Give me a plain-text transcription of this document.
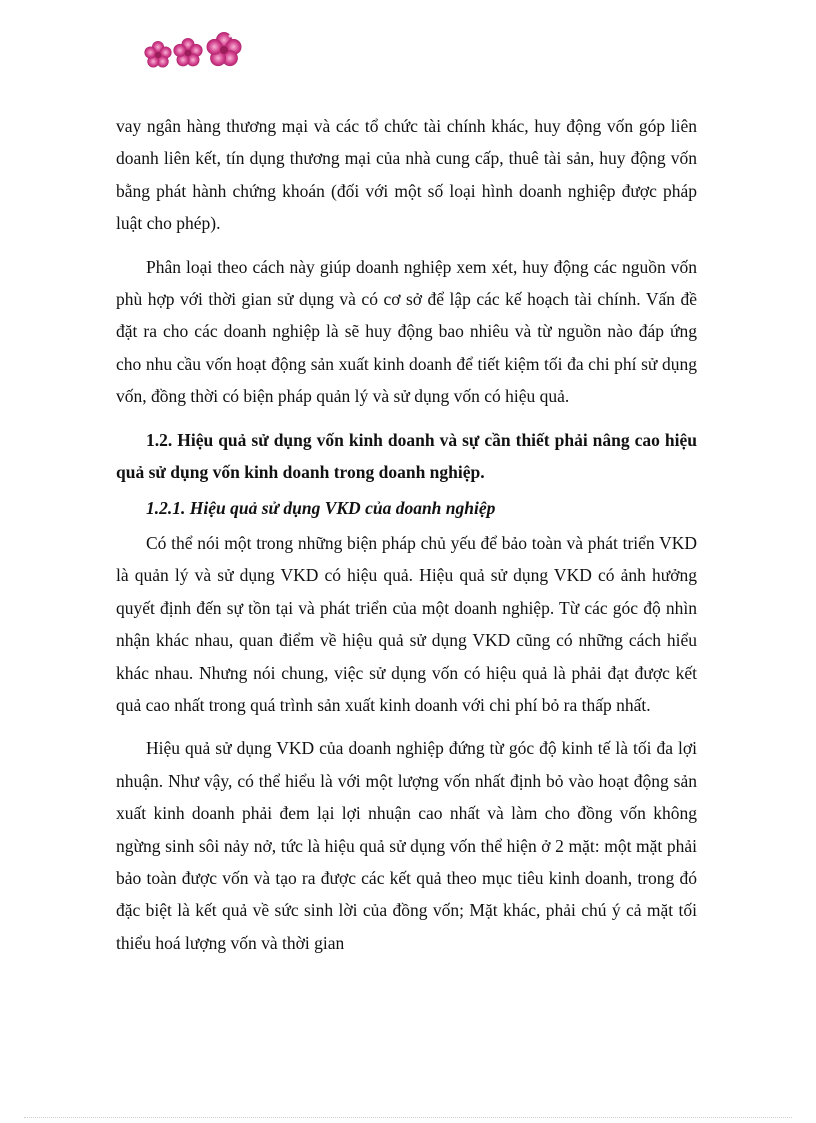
vay ngân hàng thương mại và các tổ chức tài chính khác, huy động vốn góp liên doanh liên kết, tín dụng thương mại của nhà cung cấp, thuê tài sản, huy động vốn bằng phát hành chứng khoán (đối với một số loại hình doanh nghiệp được pháp luật cho phép).

Phân loại theo cách này giúp doanh nghiệp xem xét, huy động các nguồn vốn phù hợp với thời gian sử dụng và có cơ sở để lập các kế hoạch tài chính. Vấn đề đặt ra cho các doanh nghiệp là sẽ huy động bao nhiêu và từ nguồn nào đáp ứng cho nhu cầu vốn hoạt động sản xuất kinh doanh để tiết kiệm tối đa chi phí sử dụng vốn, đồng thời có biện pháp quản lý và sử dụng vốn có hiệu quả.

1.2. Hiệu quả sử dụng vốn kinh doanh và sự cần thiết phải nâng cao hiệu quả sử dụng vốn kinh doanh trong doanh nghiệp.

1.2.1. Hiệu quả sử dụng VKD của doanh nghiệp

Có thể nói một trong những biện pháp chủ yếu để bảo toàn và phát triển VKD là quản lý và sử dụng VKD có hiệu quả. Hiệu quả sử dụng VKD có ảnh hưởng quyết định đến sự tồn tại và phát triển của một doanh nghiệp. Từ các góc độ nhìn nhận khác nhau, quan điểm về hiệu quả sử dụng VKD cũng có những cách hiểu khác nhau. Nhưng nói chung, việc sử dụng vốn có hiệu quả là phải đạt được kết quả cao nhất trong quá trình sản xuất kinh doanh với chi phí bỏ ra thấp nhất.

Hiệu quả sử dụng VKD của doanh nghiệp đứng từ góc độ kinh tế là tối đa lợi nhuận. Như vậy, có thể hiểu là với một lượng vốn nhất định bỏ vào hoạt động sản xuất kinh doanh phải đem lại lợi nhuận cao nhất và làm cho đồng vốn không ngừng sinh sôi nảy nở, tức là hiệu quả sử dụng vốn thể hiện ở 2 mặt: một mặt phải bảo toàn được vốn và tạo ra được các kết quả theo mục tiêu kinh doanh, trong đó đặc biệt là kết quả về sức sinh lời của đồng vốn; Mặt khác, phải chú ý cả mặt tối thiểu hoá lượng vốn và thời gian
